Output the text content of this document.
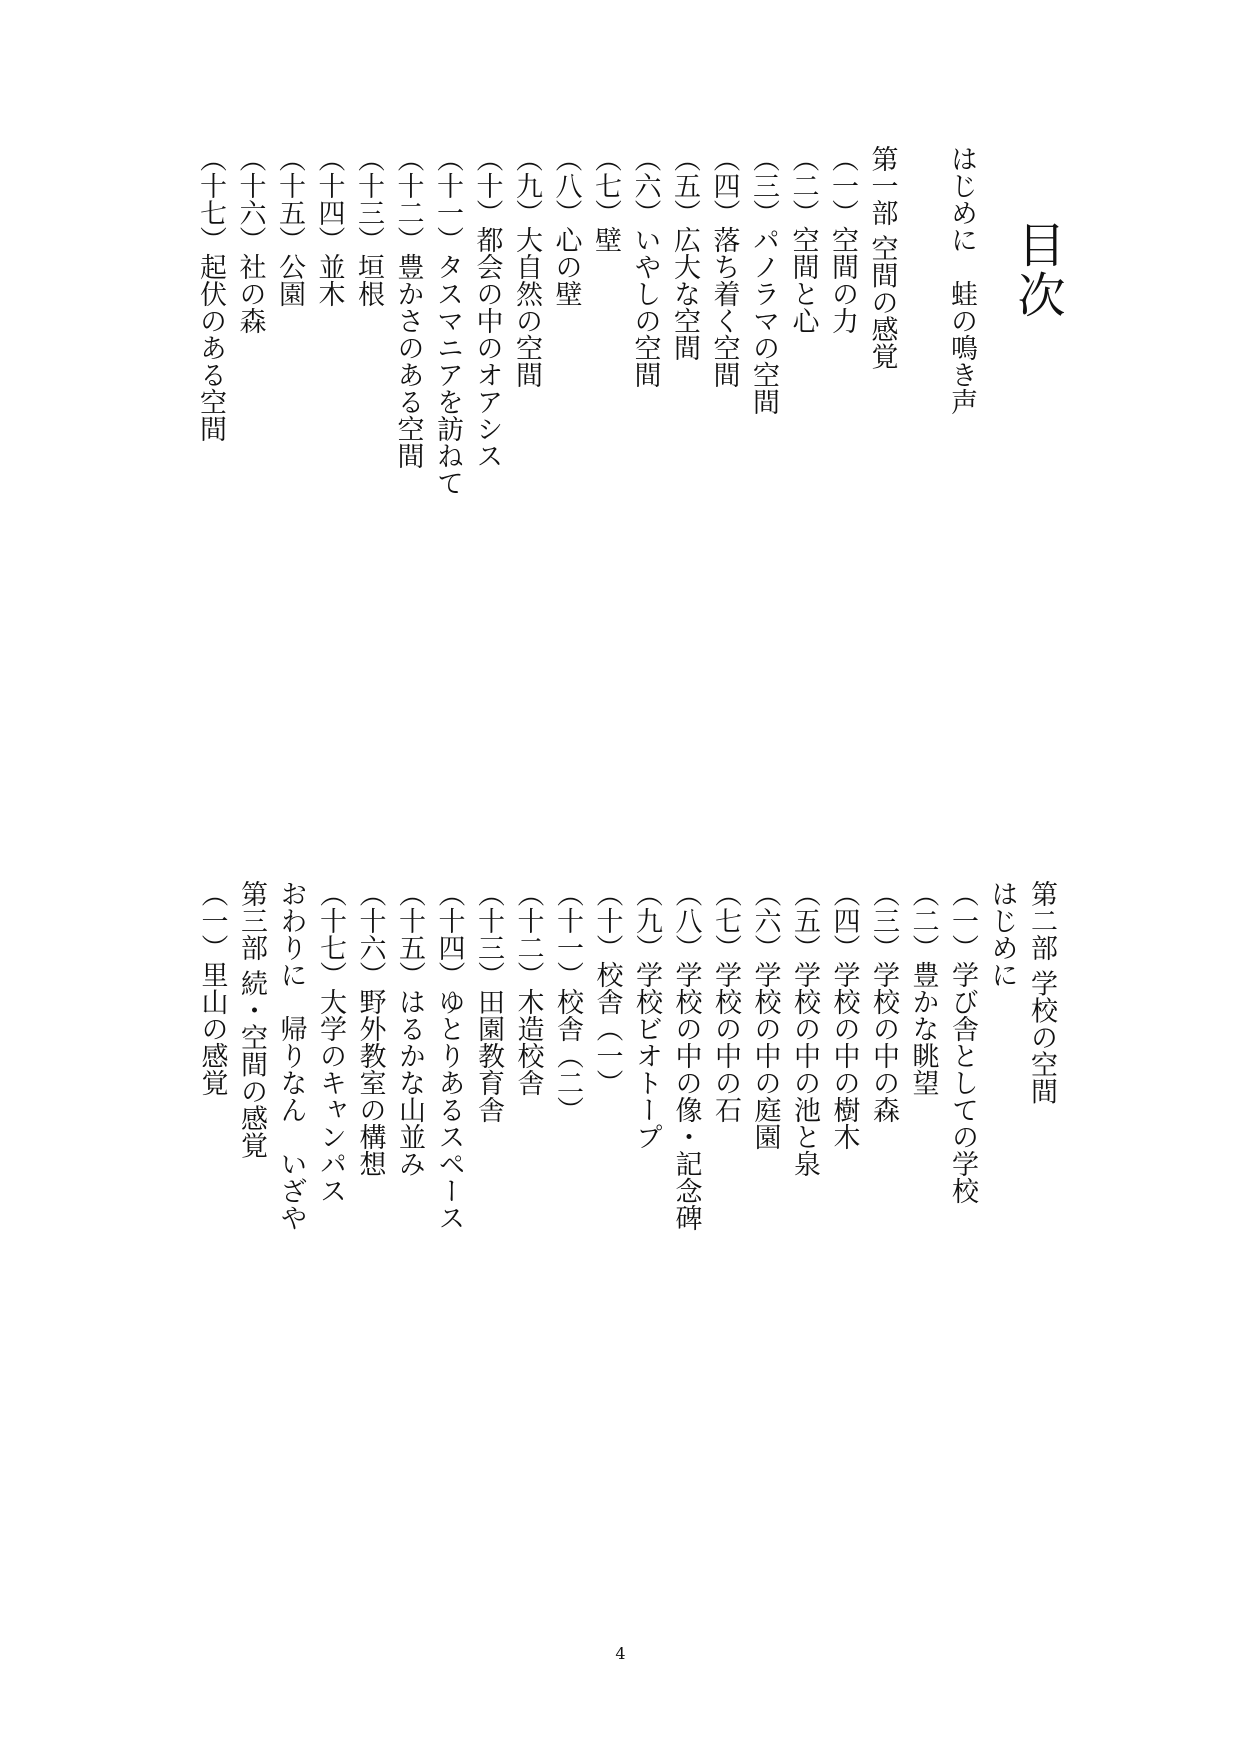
目次
はじめに　蛙の鳴き声
第一部 空間の感覚
（一）空間の力
（二）空間と心
（三）パノラマの空間
（四）落ち着く空間
（五）広大な空間
（六）いやしの空間
（七）壁
（八）心の壁
（九）大自然の空間
（十）都会の中のオアシス
（十一）タスマニアを訪ねて
（十二）豊かさのある空間
（十三）垣根
（十四）並木
（十五）公園
（十六）社の森
（十七）起伏のある空間
第二部 学校の空間
はじめに
（一）学び舎としての学校
（二）豊かな眺望
（三）学校の中の森
（四）学校の中の樹木
（五）学校の中の池と泉
（六）学校の中の庭園
（七）学校の中の石
（八）学校の中の像・記念碑
（九）学校ビオトープ
（十）校舎（一）
（十一）校舎（二）
（十二）木造校舎
（十三）田園教育舎
（十四）ゆとりあるスペース
（十五）はるかな山並み
（十六）野外教室の構想
（十七）大学のキャンパス
おわりに　帰りなん　いざや
第三部 続・空間の感覚
（一）里山の感覚
4
